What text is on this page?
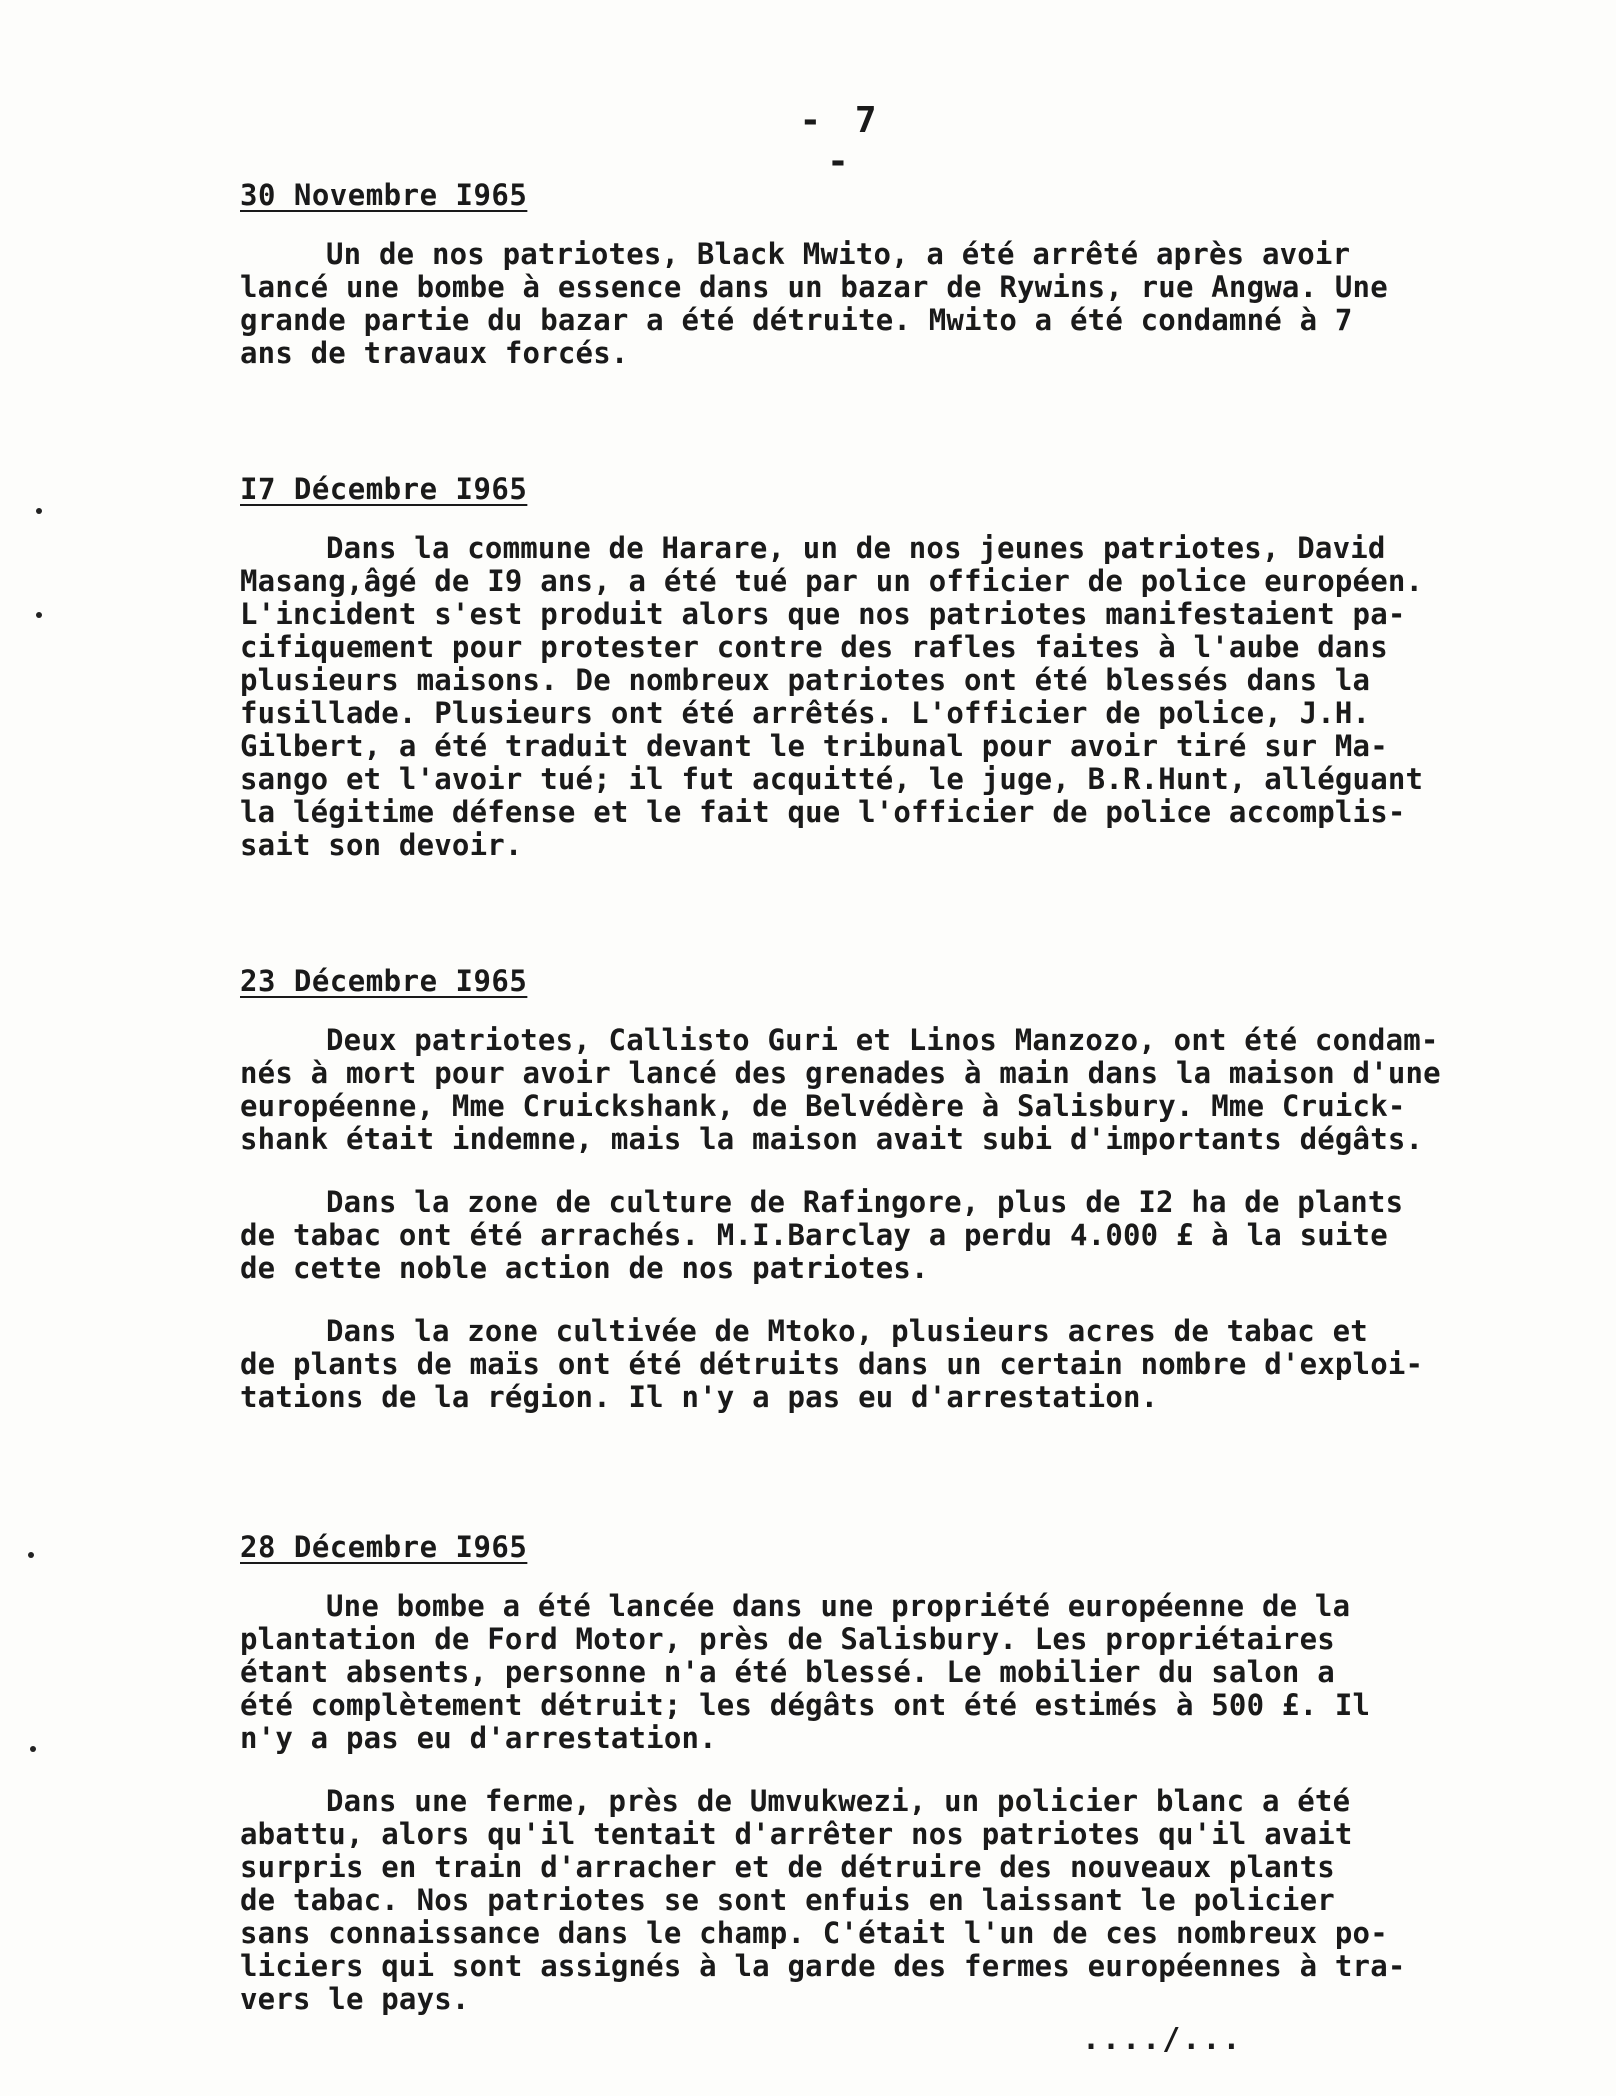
- 7 -
30 Novembre I965
Un de nos patriotes, Black Mwito, a été arrêté après avoir
lancé une bombe à essence dans un bazar de Rywins, rue Angwa. Une
grande partie du bazar a été détruite. Mwito a été condamné à 7
ans de travaux forcés.
I7 Décembre I965
Dans la commune de Harare, un de nos jeunes patriotes, David
Masang,âgé de I9 ans, a été tué par un officier de police européen.
L'incident s'est produit alors que nos patriotes manifestaient pa-
cifiquement pour protester contre des rafles faites à l'aube dans
plusieurs maisons. De nombreux patriotes ont été blessés dans la
fusillade. Plusieurs ont été arrêtés. L'officier de police, J.H.
Gilbert, a été traduit devant le tribunal pour avoir tiré sur Ma-
sango et l'avoir tué; il fut acquitté, le juge, B.R.Hunt, alléguant
la légitime défense et le fait que l'officier de police accomplis-
sait son devoir.
23 Décembre I965
Deux patriotes, Callisto Guri et Linos Manzozo, ont été condam-
nés à mort pour avoir lancé des grenades à main dans la maison d'une
européenne, Mme Cruickshank, de Belvédère à Salisbury. Mme Cruick-
shank était indemne, mais la maison avait subi d'importants dégâts.
Dans la zone de culture de Rafingore, plus de I2 ha de plants
de tabac ont été arrachés. M.I.Barclay a perdu 4.000 £ à la suite
de cette noble action de nos patriotes.
Dans la zone cultivée de Mtoko, plusieurs acres de tabac et
de plants de maïs ont été détruits dans un certain nombre d'exploi-
tations de la région. Il n'y a pas eu d'arrestation.
28 Décembre I965
Une bombe a été lancée dans une propriété européenne de la
plantation de Ford Motor, près de Salisbury. Les propriétaires
étant absents, personne n'a été blessé. Le mobilier du salon a
été complètement détruit; les dégâts ont été estimés à 500 £. Il
n'y a pas eu d'arrestation.
Dans une ferme, près de Umvukwezi, un policier blanc a été
abattu, alors qu'il tentait d'arrêter nos patriotes qu'il avait
surpris en train d'arracher et de détruire des nouveaux plants
de tabac. Nos patriotes se sont enfuis en laissant le policier
sans connaissance dans le champ. C'était l'un de ces nombreux po-
liciers qui sont assignés à la garde des fermes européennes à tra-
vers le pays.
..../...
